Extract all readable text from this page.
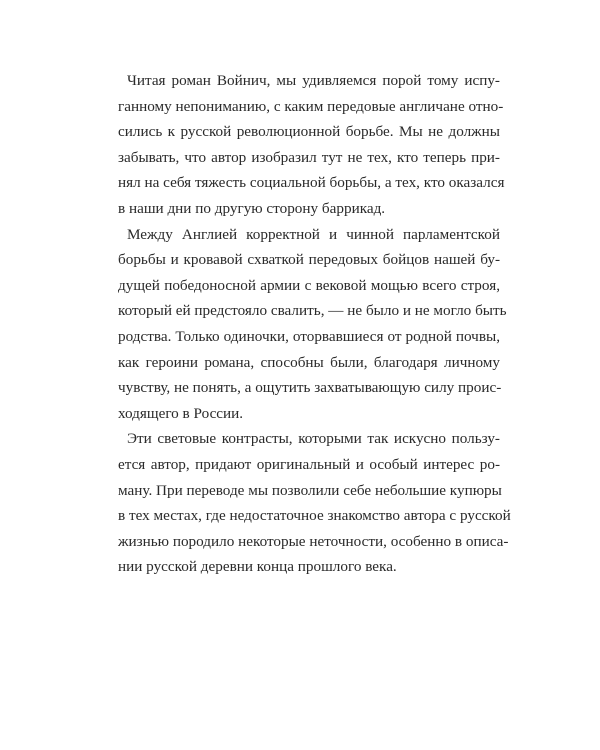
Читая роман Войнич, мы удивляемся порой тому испу-
ганному непониманию, с каким передовые англичане отно-
сились к русской революционной борьбе. Мы не должны
забывать, что автор изобразил тут не тех, кто теперь при-
нял на себя тяжесть социальной борьбы, а тех, кто оказался
в наши дни по другую сторону баррикад.
Между Англией корректной и чинной парламентской
борьбы и кровавой схваткой передовых бойцов нашей бу-
дущей победоносной армии с вековой мощью всего строя,
который ей предстояло свалить, — не было и не могло быть
родства. Только одиночки, оторвавшиеся от родной почвы,
как героини романа, способны были, благодаря личному
чувству, не понять, а ощутить захватывающую силу проис-
ходящего в России.
Эти световые контрасты, которыми так искусно пользу-
ется автор, придают оригинальный и особый интерес ро-
ману. При переводе мы позволили себе небольшие купюры
в тех местах, где недостаточное знакомство автора с русской
жизнью породило некоторые неточности, особенно в описа-
нии русской деревни конца прошлого века.
